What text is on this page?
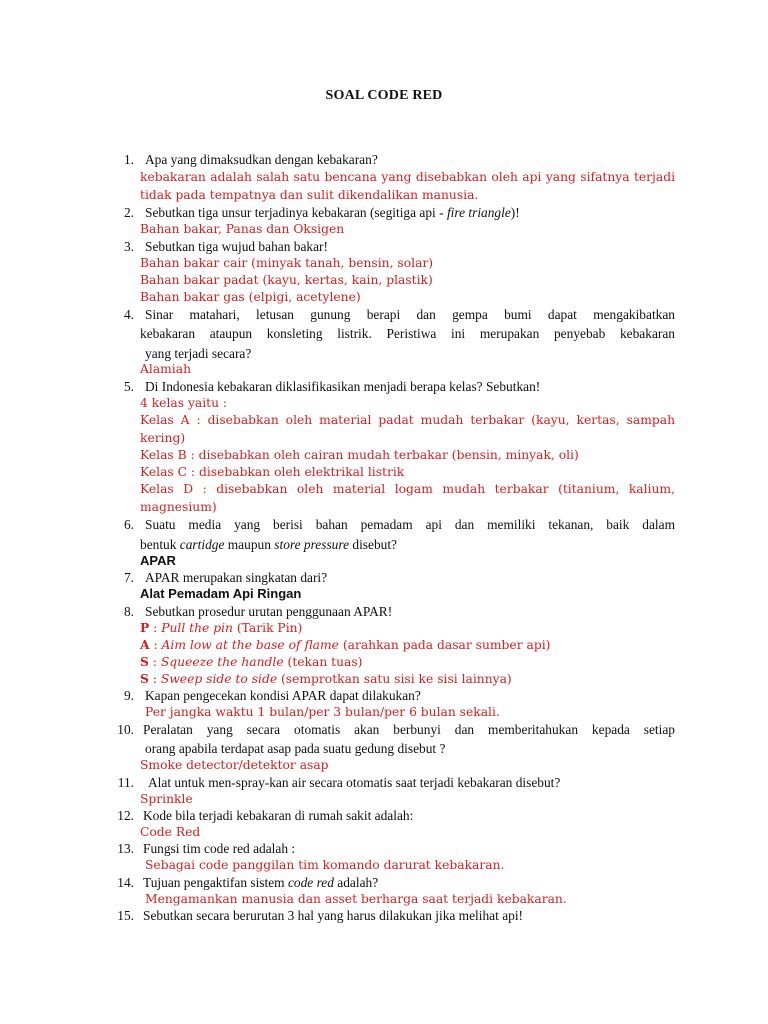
SOAL CODE RED
1. Apa yang dimaksudkan dengan kebakaran?
kebakaran adalah salah satu bencana yang disebabkan oleh api yang sifatnya terjadi
tidak pada tempatnya dan sulit dikendalikan manusia.
2. Sebutkan tiga unsur terjadinya kebakaran (segitiga api - fire triangle)!
Bahan bakar, Panas dan Oksigen
3. Sebutkan tiga wujud bahan bakar!
Bahan bakar cair (minyak tanah, bensin, solar)
Bahan bakar padat (kayu, kertas, kain, plastik)
Bahan bakar gas (elpigi, acetylene)
4. Sinar matahari, letusan gunung berapi dan gempa bumi dapat mengakibatkan
kebakaran ataupun konsleting listrik. Peristiwa ini merupakan penyebab kebakaran
yang terjadi secara?
Alamiah
5. Di Indonesia kebakaran diklasifikasikan menjadi berapa kelas? Sebutkan!
4 kelas yaitu :
Kelas A : disebabkan oleh material padat mudah terbakar (kayu, kertas, sampah
kering)
Kelas B : disebabkan oleh cairan mudah terbakar (bensin, minyak, oli)
Kelas C : disebabkan oleh elektrikal listrik
Kelas D : disebabkan oleh material logam mudah terbakar (titanium, kalium,
magnesium)
6. Suatu media yang berisi bahan pemadam api dan memiliki tekanan, baik dalam
bentuk cartidge maupun store pressure disebut?
APAR
7. APAR merupakan singkatan dari?
Alat Pemadam Api Ringan
8. Sebutkan prosedur urutan penggunaan APAR!
P : Pull the pin (Tarik Pin)
A : Aim low at the base of flame (arahkan pada dasar sumber api)
S : Squeeze the handle (tekan tuas)
S : Sweep side to side (semprotkan satu sisi ke sisi lainnya)
9. Kapan pengecekan kondisi APAR dapat dilakukan?
Per jangka waktu 1 bulan/per 3 bulan/per 6 bulan sekali.
10. Peralatan yang secara otomatis akan berbunyi dan memberitahukan kepada setiap
orang apabila terdapat asap pada suatu gedung disebut ?
Smoke detector/detektor asap
11. Alat untuk men-spray-kan air secara otomatis saat terjadi kebakaran disebut?
Sprinkle
12. Kode bila terjadi kebakaran di rumah sakit adalah:
Code Red
13. Fungsi tim code red adalah :
Sebagai code panggilan tim komando darurat kebakaran.
14. Tujuan pengaktifan sistem code red adalah?
Mengamankan manusia dan asset berharga saat terjadi kebakaran.
15. Sebutkan secara berurutan 3 hal yang harus dilakukan jika melihat api!
